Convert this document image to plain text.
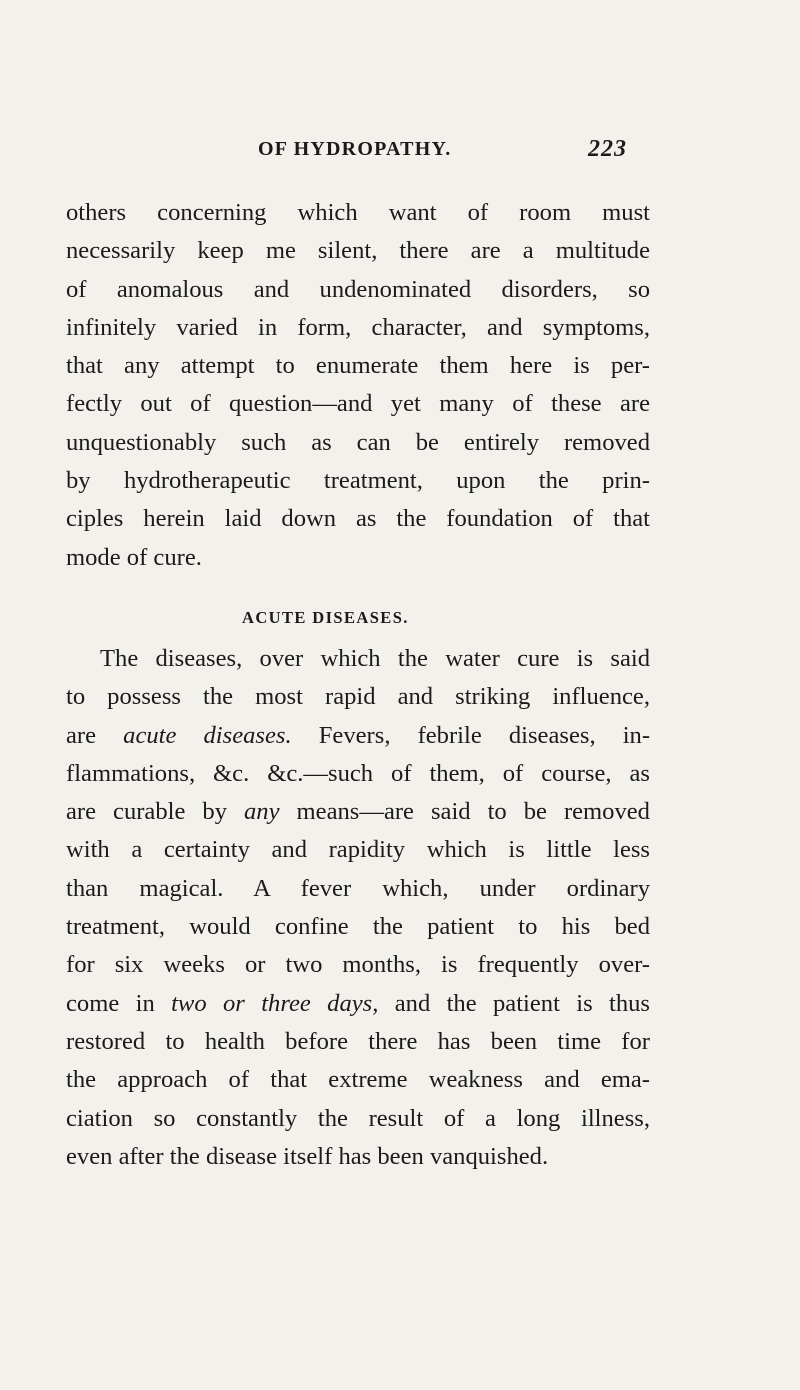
OF HYDROPATHY.	223
others concerning which want of room must
necessarily keep me silent, there are a multitude
of anomalous and undenominated disorders, so
infinitely varied in form, character, and symptoms,
that any attempt to enumerate them here is per-
fectly out of question—and yet many of these are
unquestionably such as can be entirely removed
by hydrotherapeutic treatment, upon the prin-
ciples herein laid down as the foundation of that
mode of cure.
ACUTE DISEASES.
The diseases, over which the water cure is said
to possess the most rapid and striking influence,
are acute diseases. Fevers, febrile diseases, in-
flammations, &c. &c.—such of them, of course, as
are curable by any means—are said to be removed
with a certainty and rapidity which is little less
than magical. A fever which, under ordinary
treatment, would confine the patient to his bed
for six weeks or two months, is frequently over-
come in two or three days, and the patient is thus
restored to health before there has been time for
the approach of that extreme weakness and ema-
ciation so constantly the result of a long illness,
even after the disease itself has been vanquished.
